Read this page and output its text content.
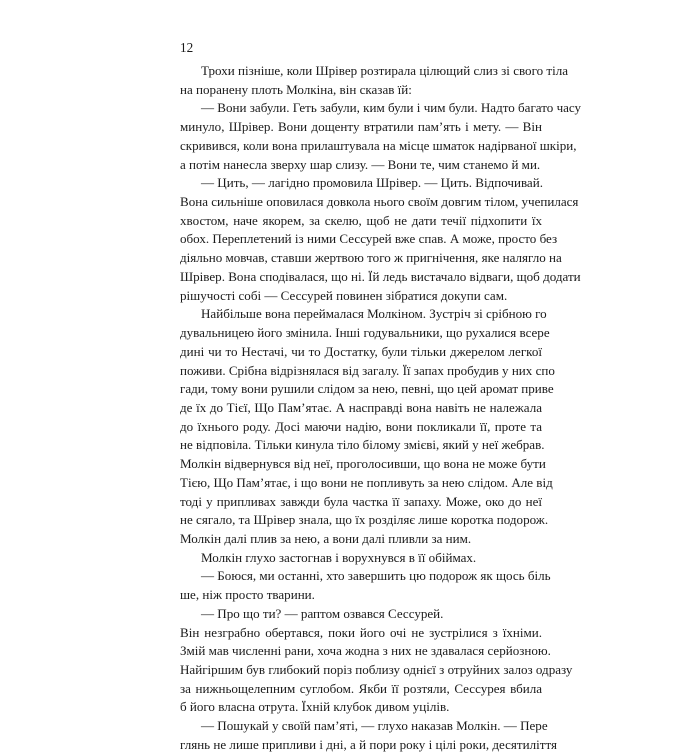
12

Трохи пізніше, коли Шрівер розтирала цілющий слиз зі свого тіла

на поранену плоть Молкіна, він сказав їй:

— Вони забули. Геть забули, ким були і чим були. Надто багато часу

минуло, Шрівер. Вони дощенту втратили пам’ять і мету. — Він

скривився, коли вона прилаштувала на місце шматок надірваної шкіри,

а потім нанесла зверху шар слизу. — Вони те, чим станемо й ми.

— Цить, — лагідно промовила Шрівер. — Цить. Відпочивай.

Вона сильніше оповилася довкола нього своїм довгим тілом, учепилася

хвостом, наче якорем, за скелю, щоб не дати течії підхопити їх

обох. Переплетений із ними Сессурей вже спав. А може, просто без

діяльно мовчав, ставши жертвою того ж пригнічення, яке налягло на

Шрівер. Вона сподівалася, що ні. Їй ледь вистачало відваги, щоб додати

рішучості собі — Сессурей повинен зібратися докупи сам.

Найбільше вона переймалася Молкіном. Зустріч зі срібною го

дувальницею його змінила. Інші годувальники, що рухалися всере

дині чи то Нестачі, чи то Достатку, були тільки джерелом легкої

поживи. Срібна відрізнялася від загалу. Її запах пробудив у них спо

гади, тому вони рушили слідом за нею, певні, що цей аромат приве

де їх до Тієї, Що Пам’ятає. А насправді вона навіть не належала

до їхнього роду. Досі маючи надію, вони покликали її, проте та

не відповіла. Тільки кинула тіло білому змієві, який у неї жебрав.

Молкін відвернувся від неї, проголосивши, що вона не може бути

Тією, Що Пам’ятає, і що вони не попливуть за нею слідом. Але від

тоді у припливах завжди була частка її запаху. Може, око до неї

не сягало, та Шрівер знала, що їх розділяє лише коротка подорож.

Молкін далі плив за нею, а вони далі пливли за ним.

Молкін глухо застогнав і ворухнувся в її обіймах.

— Боюся, ми останні, хто завершить цю подорож як щось біль

ше, ніж просто тварини.

— Про що ти? — раптом озвався Сессурей.

Він незграбно обертався, поки його очі не зустрілися з їхніми.

Змій мав численні рани, хоча жодна з них не здавалася серйозною.

Найгіршим був глибокий поріз поблизу однієї з отруйних залоз одразу

за нижньощелепним суглобом. Якби її розтяли, Сессурея вбила

б його власна отрута. Їхній клубок дивом уцілів.

— Пошукай у своїй пам’яті, — глухо наказав Молкін. — Пере

глянь не лише припливи і дні, а й пори року і цілі роки, десятиліття
